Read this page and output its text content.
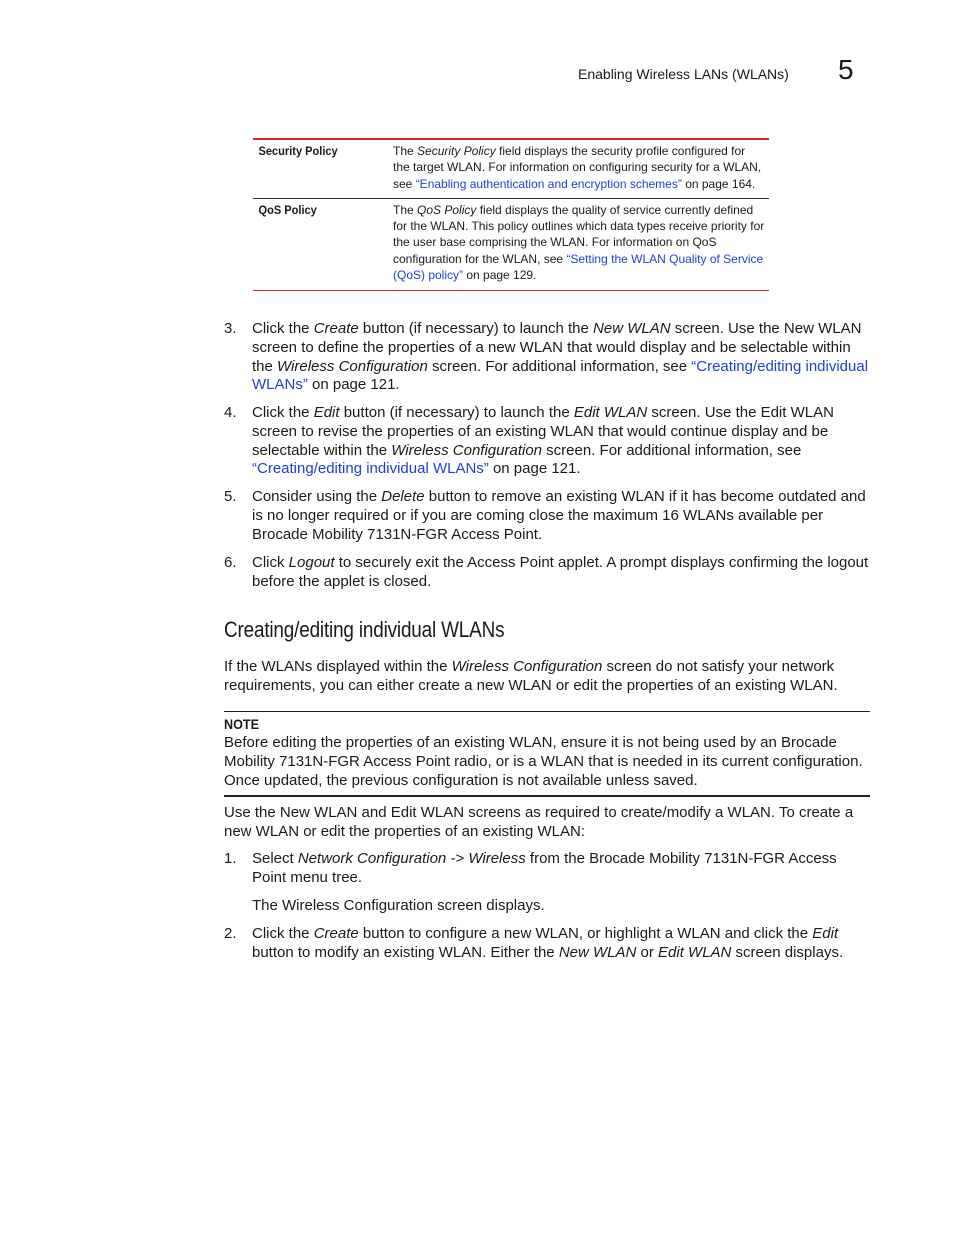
Enabling Wireless LANs (WLANs) 5
Security Policy	The Security Policy field displays the security profile configured for the target WLAN. For information on configuring security for a WLAN, see “Enabling authentication and encryption schemes” on page 164.
QoS Policy	The QoS Policy field displays the quality of service currently defined for the WLAN. This policy outlines which data types receive priority for the user base comprising the WLAN. For information on QoS configuration for the WLAN, see “Setting the WLAN Quality of Service (QoS) policy” on page 129.
3. Click the Create button (if necessary) to launch the New WLAN screen. Use the New WLAN screen to define the properties of a new WLAN that would display and be selectable within the Wireless Configuration screen. For additional information, see “Creating/editing individual WLANs” on page 121.
4. Click the Edit button (if necessary) to launch the Edit WLAN screen. Use the Edit WLAN screen to revise the properties of an existing WLAN that would continue display and be selectable within the Wireless Configuration screen. For additional information, see “Creating/editing individual WLANs” on page 121.
5. Consider using the Delete button to remove an existing WLAN if it has become outdated and is no longer required or if you are coming close the maximum 16 WLANs available per Brocade Mobility 7131N-FGR Access Point.
6. Click Logout to securely exit the Access Point applet. A prompt displays confirming the logout before the applet is closed.
Creating/editing individual WLANs
If the WLANs displayed within the Wireless Configuration screen do not satisfy your network requirements, you can either create a new WLAN or edit the properties of an existing WLAN.
NOTE
Before editing the properties of an existing WLAN, ensure it is not being used by an Brocade Mobility 7131N-FGR Access Point radio, or is a WLAN that is needed in its current configuration. Once updated, the previous configuration is not available unless saved.
Use the New WLAN and Edit WLAN screens as required to create/modify a WLAN. To create a new WLAN or edit the properties of an existing WLAN:
1. Select Network Configuration -> Wireless from the Brocade Mobility 7131N-FGR Access Point menu tree.
The Wireless Configuration screen displays.
2. Click the Create button to configure a new WLAN, or highlight a WLAN and click the Edit button to modify an existing WLAN. Either the New WLAN or Edit WLAN screen displays.
